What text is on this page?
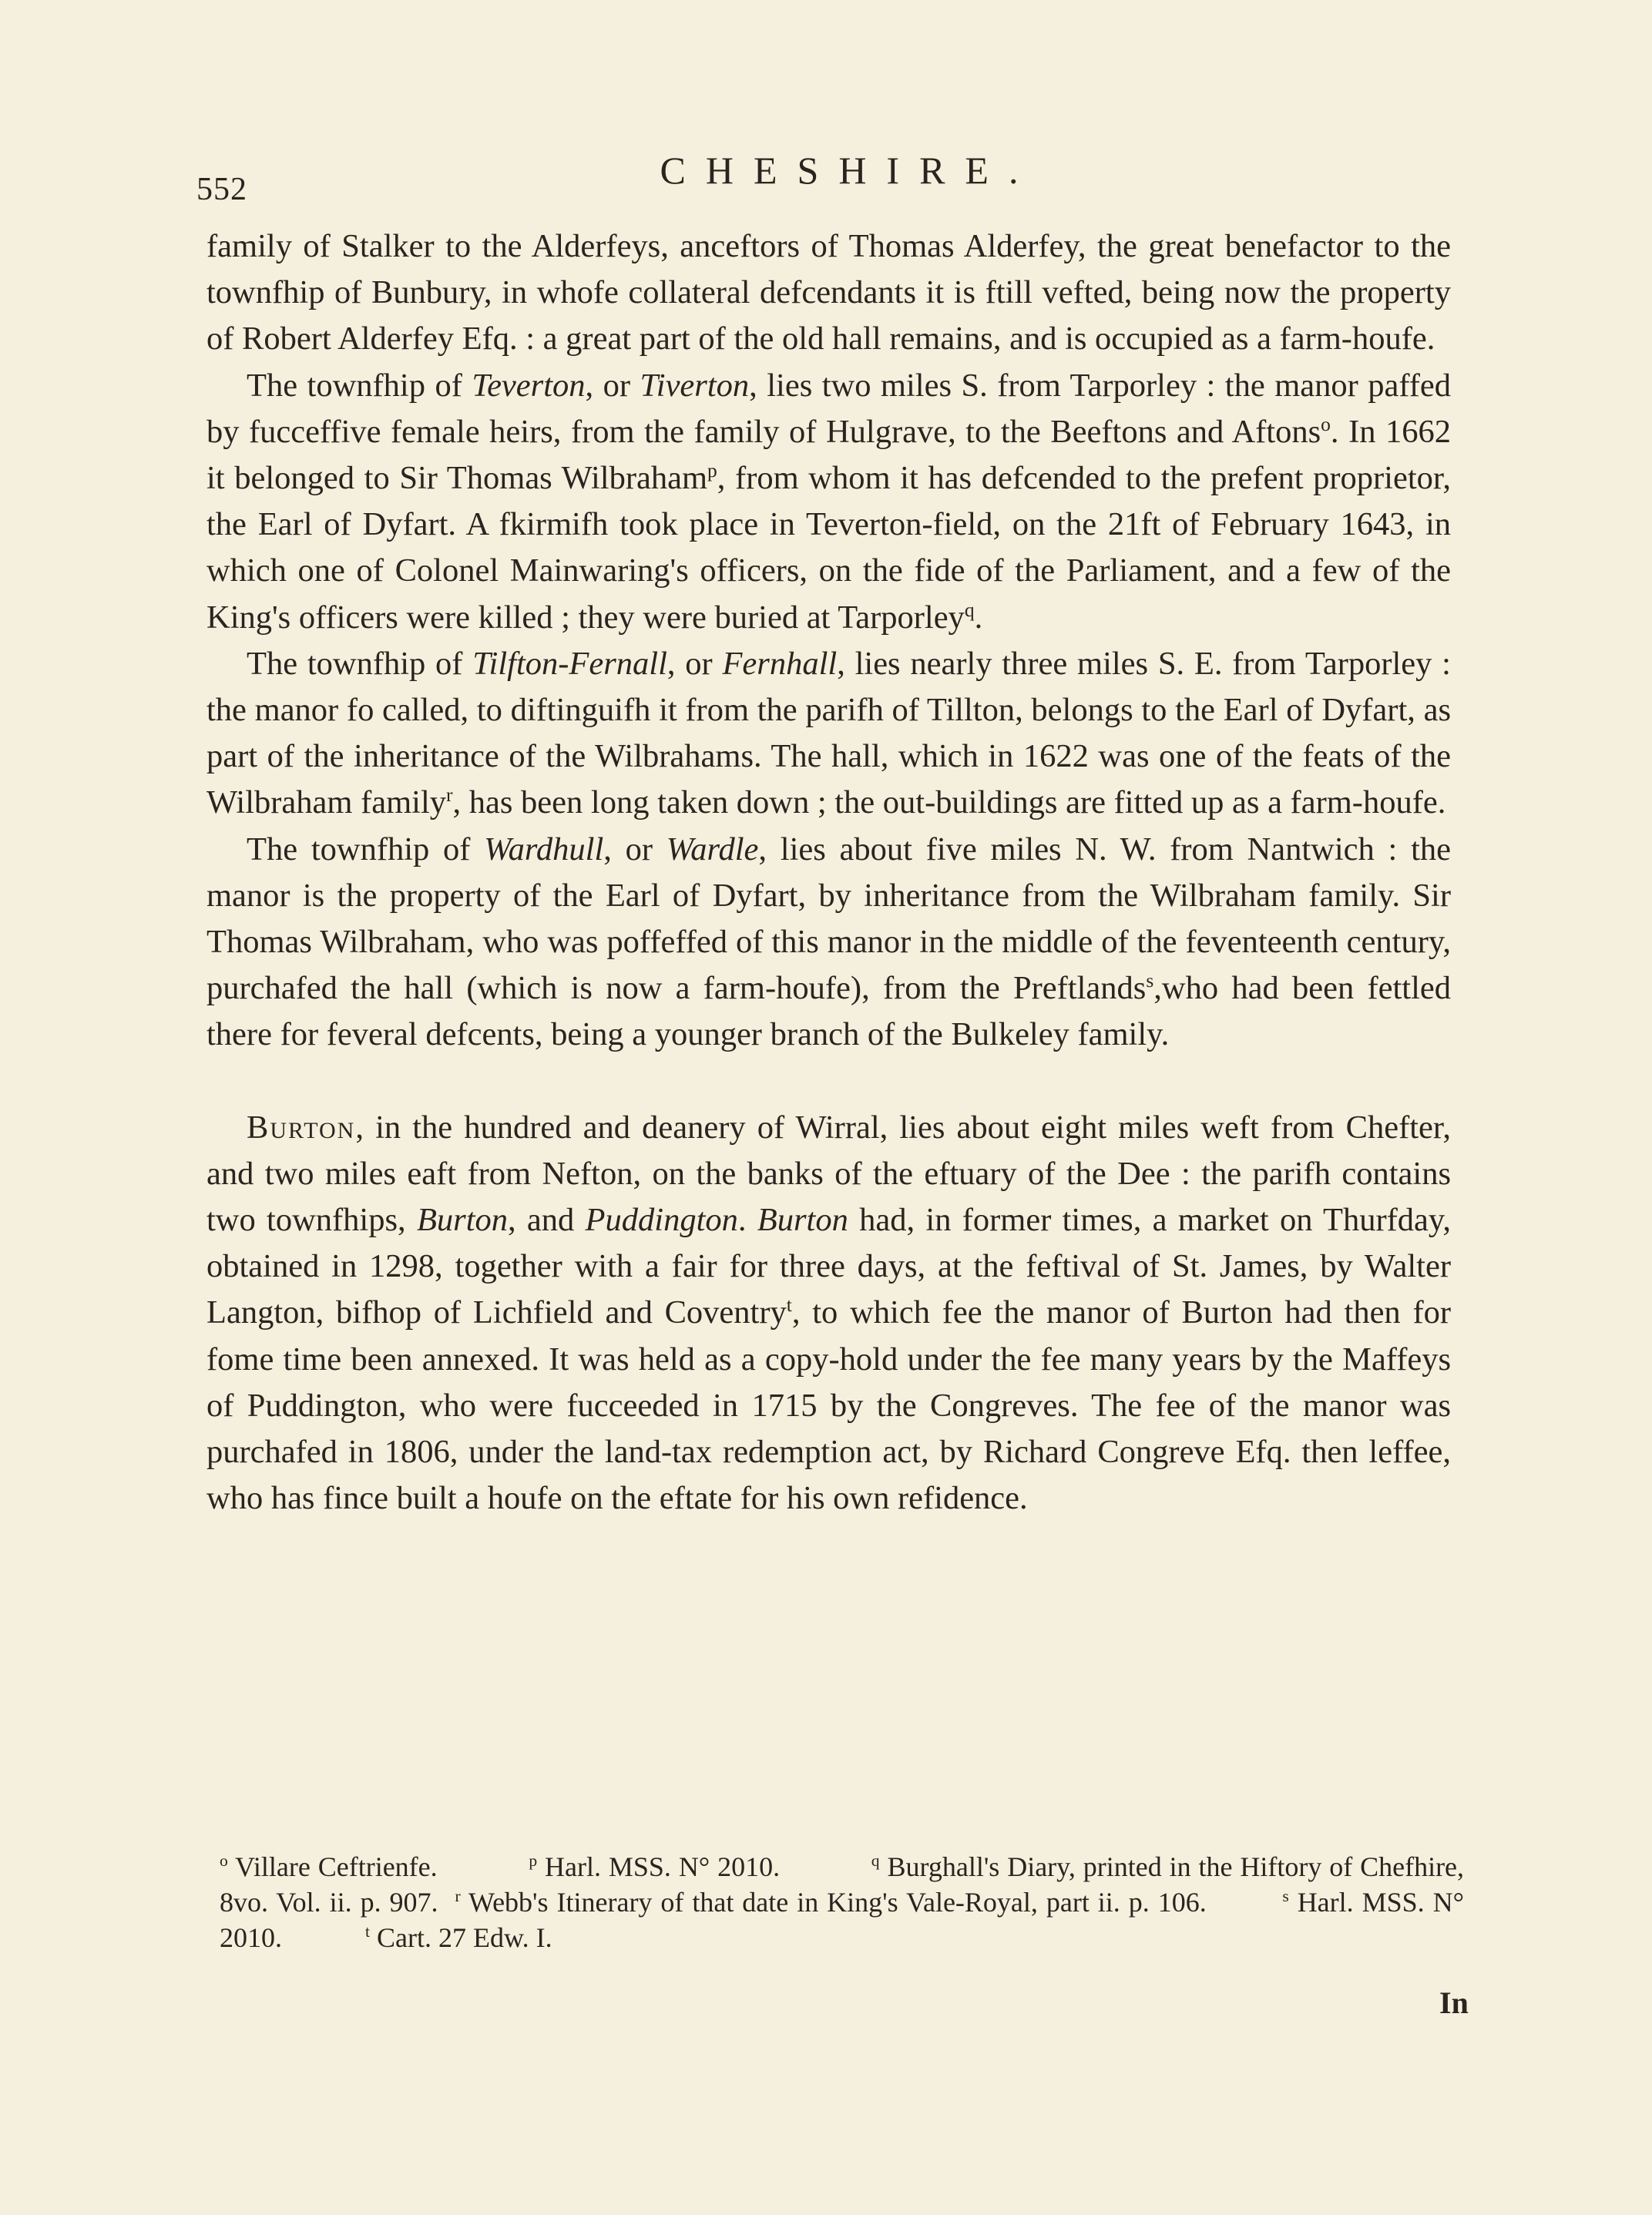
552	CHESHIRE.

family of Stalker to the Alderfeys, anceftors of Thomas Alderfey, the great benefactor to the townfhip of Bunbury, in whofe collateral defcendants it is ftill vefted, being now the property of Robert Alderfey Efq. : a great part of the old hall remains, and is occupied as a farm-houfe.

The townfhip of Teverton, or Tiverton, lies two miles S. from Tarporley : the manor paffed by fucceffive female heirs, from the family of Hulgrave, to the Beeftons and Aftons$^o$. In 1662 it belonged to Sir Thomas Wilbraham$^p$, from whom it has defcended to the prefent proprietor, the Earl of Dyfart. A fkirmifh took place in Teverton-field, on the 21ft of February 1643, in which one of Colonel Mainwaring's officers, on the fide of the Parliament, and a few of the King's officers were killed ; they were buried at Tarporley$^q$.

The townfhip of Tilfton-Fernall, or Fernhall, lies nearly three miles S. E. from Tarporley : the manor fo called, to diftinguifh it from the parifh of Tillton, belongs to the Earl of Dyfart, as part of the inheritance of the Wilbrahams. The hall, which in 1622 was one of the feats of the Wilbraham family$^r$, has been long taken down ; the out-buildings are fitted up as a farm-houfe.

The townfhip of Wardhull, or Wardle, lies about five miles N. W. from Nantwich : the manor is the property of the Earl of Dyfart, by inheritance from the Wilbraham family. Sir Thomas Wilbraham, who was poffeffed of this manor in the middle of the feventeenth century, purchafed the hall (which is now a farm-houfe), from the Preftlands$^s$,who had been fettled there for feveral defcents, being a younger branch of the Bulkeley family.

Burton, in the hundred and deanery of Wirral, lies about eight miles weft from Chefter, and two miles eaft from Nefton, on the banks of the eftuary of the Dee : the parifh contains two townfhips, Burton, and Puddington. Burton had, in former times, a market on Thurfday, obtained in 1298, together with a fair for three days, at the feftival of St. James, by Walter Langton, bifhop of Lichfield and Coventry$^t$, to which fee the manor of Burton had then for fome time been annexed. It was held as a copy-hold under the fee many years by the Maffeys of Puddington, who were fucceeded in 1715 by the Congreves. The fee of the manor was purchafed in 1806, under the land-tax redemption act, by Richard Congreve Efq. then leffee, who has fince built a houfe on the eftate for his own refidence.

$^o$ Villare Ceftrienfe.	$^p$ Harl. MSS. N° 2010.	$^q$ Burghall's Diary, printed in the Hiftory of Chefhire, 8vo. Vol. ii. p. 907. $^r$ Webb's Itinerary of that date in King's Vale-Royal, part ii. p. 106.	$^s$ Harl. MSS. N° 2010.	$^t$ Cart. 27 Edw. I.

In
